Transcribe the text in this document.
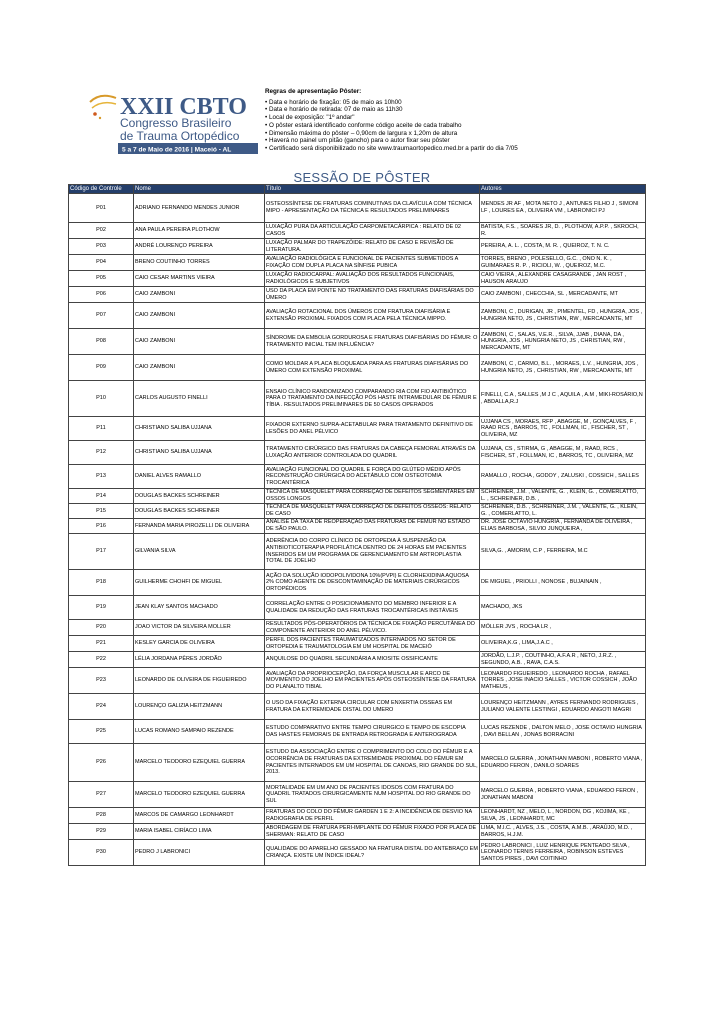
XXII CBTO
Congresso Brasileiro
de Trauma Ortopédico
5 a 7 de Maio de 2016 | Maceió - AL
Regras de apresentação Pôster:
• Data e horário de fixação: 05 de maio as 10h00
• Data e horário de retirada: 07 de maio as 11h30
• Local de exposição: "1º andar"
• O pôster estará identificado conforme código aceite de cada trabalho
• Dimensão máxima do pôster – 0,90cm de largura x 1,20m de altura
• Haverá no painel um pitão (gancho) para o autor fixar seu pôster
• Certificado será disponibilizado no site www.traumaortopedico.med.br a partir do dia 7/05
SESSÃO DE PÔSTER
Código de Controle	Nome	Título	Autores
P01	ADRIANO FERNANDO MENDES JUNIOR	OSTEOSSÍNTESE DE FRATURAS COMINUTIVAS DA CLAVÍCULA COM TÉCNICA MIPO - APRESENTAÇÃO DA TÉCNICA E RESULTADOS PRELIMINARES	MENDES JR AF , MOTA NETO J , ANTUNES FILHO J , SIMONI LF , LOURES EA , OLIVEIRA VM , LABRONICI PJ
P02	ANA PAULA PEREIRA PLOTHOW	LUXAÇÃO PURA DA ARTICULAÇÃO CARPOMETACÁRPICA : RELATO DE 02 CASOS	BATISTA, F.S. , SOARES JR, D. , PLOTHOW, A.P.P. , SKROCH, R.
P03	ANDRÉ LOURENÇO PEREIRA	LUXAÇÃO PALMAR DO TRAPEZÓIDE: RELATO DE CASO E REVISÃO DE LITERATURA.	PEREIRA, A. L. , COSTA, M. R. , QUEIROZ, T. N. C.
P04	BRENO COUTINHO TORRES	AVALIAÇÃO RADIOLÓGICA E FUNCIONAL DE PACIENTES SUBMETIDOS A FIXAÇÃO COM DUPLA PLACA NA SÍNFISE PUBICA	TORRES, BRENO , POLESELLO, G.C. , ONO N. K. , GUIMARAES R. P. , RICIOLI, W. , QUEIROZ, M.C.
P05	CAIO CESAR MARTINS VIEIRA	LUXAÇÃO RADIOCARPAL: AVALIAÇÃO DOS RESULTADOS FUNCIONAIS, RADIOLÓGICOS E SUBJETIVOS	CAIO VIEIRA , ALEXANDRE CASAGRANDE , JAN ROST , HAUSON ARAUJO
P06	CAIO ZAMBONI	USO DA PLACA EM PONTE NO TRATAMENTO DAS FRATURAS DIAFISÁRIAS DO ÚMERO	CAIO ZAMBONI , CHECCHIA, SL , MERCADANTE, MT
P07	CAIO ZAMBONI	AVALIAÇÃO ROTACIONAL DOS ÚMEROS COM FRATURA DIAFISÁRIA E EXTENSÃO PROXIMAL FIXADOS COM PLACA PELA TÉCNICA MIPPO.	ZAMBONI, C , DURIGAN, JR , PIMENTEL, FD , HUNGRIA, JOS , HUNGRIA NETO, JS , CHRISTIAN, RW , MERCADANTE, MT
P08	CAIO ZAMBONI	SÍNDROME DA EMBOLIA GORDUROSA E FRATURAS DIAFISÁRIAS DO FÊMUR: O TRATAMENTO INICIAL TEM INFLUÊNCIA?	ZAMBONI, C , SALAS, V.E.R. , SILVA, JJAB , DIANA, DA , HUNGRIA, JOS , HUNGRIA NETO, JS , CHRISTIAN, RW , MERCADANTE, MT
P09	CAIO ZAMBONI	COMO MOLDAR A PLACA BLOQUEADA PARA AS FRATURAS DIAFISÁRIAS DO ÚMERO COM EXTENSÃO PROXIMAL	ZAMBONI, C , CARMO, B.L. , MORAES, L.V. , HUNGRIA, JOS , HUNGRIA NETO, JS , CHRISTIAN, RW , MERCADANTE, MT
P10	CARLOS AUGUSTO FINELLI	ENSAIO CLÍNICO RANDOMIZADO COMPARANDO RIA COM FIO ANTIBIÓTICO PARA O TRATAMENTO DA INFECÇÃO PÓS HASTE INTRAMEDULAR DE FÊMUR E TÍBIA . RESULTADOS PRELIMINARES DE 50 CASOS OPERADOS	FINELLI, C.A , SALLES ,M J C , AQUILA , A.M , MIKI-ROSÁRIO,N , ABDALLA,R.J
P11	CHRISTIANO SALIBA UJJANA	FIXADOR EXTERNO SUPRA-ACETABULAR PARA TRATAMENTO DEFINITIVO DE LESÕES DO ANEL PÉLVICO	UJJANA CS , MORAES, RFP , ABAGGE, M , GONÇALVES, F , RAAD RCS , BARROS, TC , FOLLMAN, IC , FISCHER, ST , OLIVEIRA, MZ
P12	CHRISTIANO SALIBA UJJANA	TRATAMENTO CIRÚRGICO DAS FRATURAS DA CABEÇA FEMORAL ATRAVÉS DA LUXAÇÃO ANTERIOR CONTROLADA DO QUADRIL	UJJANA, CS , STIRMA, G , ABAGGE, M , RAAD, RCS , FISCHER, ST , FOLLMAN, IC , BARROS, TC , OLIVEIRA, MZ
P13	DANIEL ALVES RAMALLO	AVALIAÇÃO FUNCIONAL DO QUADRIL E FORÇA DO GLÚTEO MÉDIO APÓS RECONSTRUÇÃO CIRÚRGICA DO ACETÁBULO COM OSTEOTOMIA TROCANTÉRICA	RAMALLO , ROCHA , GODOY , ZALUSKI , COSSICH , SALLES
P14	DOUGLAS BACKES SCHREINER	TÉCNICA DE MASQUELET PARA CORREÇÃO DE DEFEITOS SEGMENTARES EM OSSOS LONGOS	SCHREINER, J.M. , VALENTE, G. , KLEIN, G. , COMERLATTO, L. , SCHREINER, D.B. ,
P15	DOUGLAS BACKES SCHREINER	TÉCNICA DE MASQUELET PARA CORREÇÃO DE DEFEITOS ÓSSEOS: RELATO DE CASO	SCHREINER, D.B. , SCHREINER, J.M. , VALENTE, G. , KLEIN, G. , COMERLATTO, L.
P16	FERNANDA MARIA PIROZELLI DE OLIVEIRA	ANÁLISE DA TAXA DE REOPERAÇÃO DAS FRATURAS DE FÊMUR NO ESTADO DE SÃO PAULO.	DR. JOSÉ OCTÁVIO HUNGRIA , FERNANDA DE OLIVEIRA , ELIAS BARBOSA , SILVIO JUNQUEIRA ,
P17	GILVANIA SILVA	ADERÊNCIA DO CORPO CLÍNICO DE ORTOPEDIA À SUSPENSÃO DA ANTIBIOTICOTERAPIA PROFILÁTICA DENTRO DE 24 HORAS EM PACIENTES INSERIDOS EM UM PROGRAMA DE GERENCIAMENTO EM ARTROPLASTIA TOTAL DE JOELHO	SILVA,G. , AMORIM, C.P , FERREIRA, M.C
P18	GUILHERME CHOHFI DE MIGUEL	AÇÃO DA SOLUÇÃO IODOPOLIVIDONA 10%(PVPI) E CLORHEXIDINA AQUOSA 2% COMO AGENTE DE DESCONTAMINAÇÃO DE MATERIAIS CIRÚRGICOS ORTOPÉDICOS	DE MIGUEL , PRIOLLI , NONOSE , BUJAINAIN ,
P19	JEAN KLAY SANTOS MACHADO	CORRELAÇÃO ENTRE O POSICIONAMENTO DO MEMBRO INFERIOR E A QUALIDADE DA REDUÇÃO DAS FRATURAS TROCANTÉRICAS INSTÁVEIS	MACHADO, JKS
P20	JOAO VICTOR DA SILVEIRA MOLLER	RESULTADOS PÓS-OPERATÓRIOS DA TÉCNICA DE FIXAÇÃO PERCUTÂNEA DO COMPONENTE ANTERIOR DO ANEL PÉLVICO.	MÖLLER JVS , ROCHA LR ,
P21	KESLEY GARCIA DE OLIVEIRA	PERFIL DOS PACIENTES TRAUMATIZADOS INTERNADOS NO SETOR DE ORTOPEDIA E TRAUMATOLOGIA EM UM HOSPITAL DE MACEIÓ	OLIVEIRA,K.G , LIMA,J.A.C ,
P22	LÉLIA JORDANA PÊRES JORDÃO	ANQUILOSE DO QUADRIL SECUNDÁRIA A MIOSITE OSSIFICANTE	JORDÃO, L.J.P. , COUTINHO, A.F.A.R , NETO, J.R.Z. , SEGUNDO, A.B. , RAVA, C.A.S.
P23	LEONARDO DE OLIVEIRA DE FIGUEIREDO	AVALIAÇÃO DA PROPRIOCEPÇÃO, DA FORÇA MUSCULAR E ARCO DE MOVIMENTO DO JOELHO EM PACIENTES APÓS OSTEOSSÍNTESE DA FRATURA DO PLANALTO TIBIAL	LEONARDO FIGUEIREDO , LEONARDO ROCHA , RAFAEL TORRES , JOSE INACIO SALLES , VICTOR COSSICH , JOÃO MATHEUS ,
P24	LOURENÇO GALIZIA HEITZMANN	O USO DA FIXAÇÃO EXTERNA CIRCULAR COM ENXERTIA OSSEAS EM FRATURA DA EXTREMIDADE DISTAL DO UMERO	LOURENÇO HEITZMANN , AYRES FERNANDO RODRIGUES , JULIANO VALENTE LESTINGI , EDUARDO ANGOTI MAGRI
P25	LUCAS ROMANO SAMPAIO REZENDE	ESTUDO COMPARATIVO ENTRE TEMPO CIRURGICO E TEMPO DE ESCOPIA DAS HASTES FEMORAIS DE ENTRADA RETROGRADA E ANTEROGRADA	LUCAS REZENDE , DALTON MELO , JOSE OCTAVIO HUNGRIA , DAVI BELLAN , JONAS BORRACINI
P26	MARCELO TEODORO EZEQUIEL GUERRA	ESTUDO DA ASSOCIAÇÃO ENTRE O COMPRIMENTO DO COLO DO FÊMUR E A OCORRÊNCIA DE FRATURAS DA EXTREMIDADE PROXIMAL DO FÊMUR EM PACIENTES INTERNADOS EM UM HOSPITAL DE CANOAS, RIO GRANDE DO SUL, 2013.	MARCELO GUERRA , JONATHAN MABONI , ROBERTO VIANA , EDUARDO FERON , DANILO SOARES
P27	MARCELO TEODORO EZEQUIEL GUERRA	MORTALIDADE EM UM ANO DE PACIENTES IDOSOS COM FRATURA DO QUADRIL TRATADOS CIRURGICAMENTE NUM HOSPITAL DO RIO GRANDE DO SUL	MARCELO GUERRA , ROBERTO VIANA , EDUARDO FERON , JONATHAN MABONI
P28	MARCOS DE CAMARGO LEONHARDT	FRATURAS DO COLO DO FÊMUR GARDEN 1 E 2: A INCIDÊNCIA DE DESVIO NA RADIOGRAFIA DE PERFIL	LEONHARDT, NZ , MELO, L , NORDON, DG , KOJIMA, KE , SILVA, JS , LEONHARDT, MC
P29	MARIA ISABEL CIRÍACO LIMA	ABORDAGEM DE FRATURA PERI-IMPLANTE DO FÊMUR FIXADO POR PLACA DE SHERMAN: RELATO DE CASO	LIMA, M.I.C. , ALVES, J.S. , COSTA, A.M.B. , ARAÚJO, M.D. , BARROS, H.J.M.
P30	PEDRO J LABRONICI	QUALIDADE DO APARELHO GESSADO NA FRATURA DISTAL DO ANTEBRAÇO EM CRIANÇA. EXISTE UM ÍNDICE IDEAL?	PEDRO LABRONICI , LUIZ HENRIQUE PENTEADO SILVA , LEONARDO TERNIS FERREIRA , ROBINSON ESTEVES SANTOS PIRES , DAVI COITINHO
